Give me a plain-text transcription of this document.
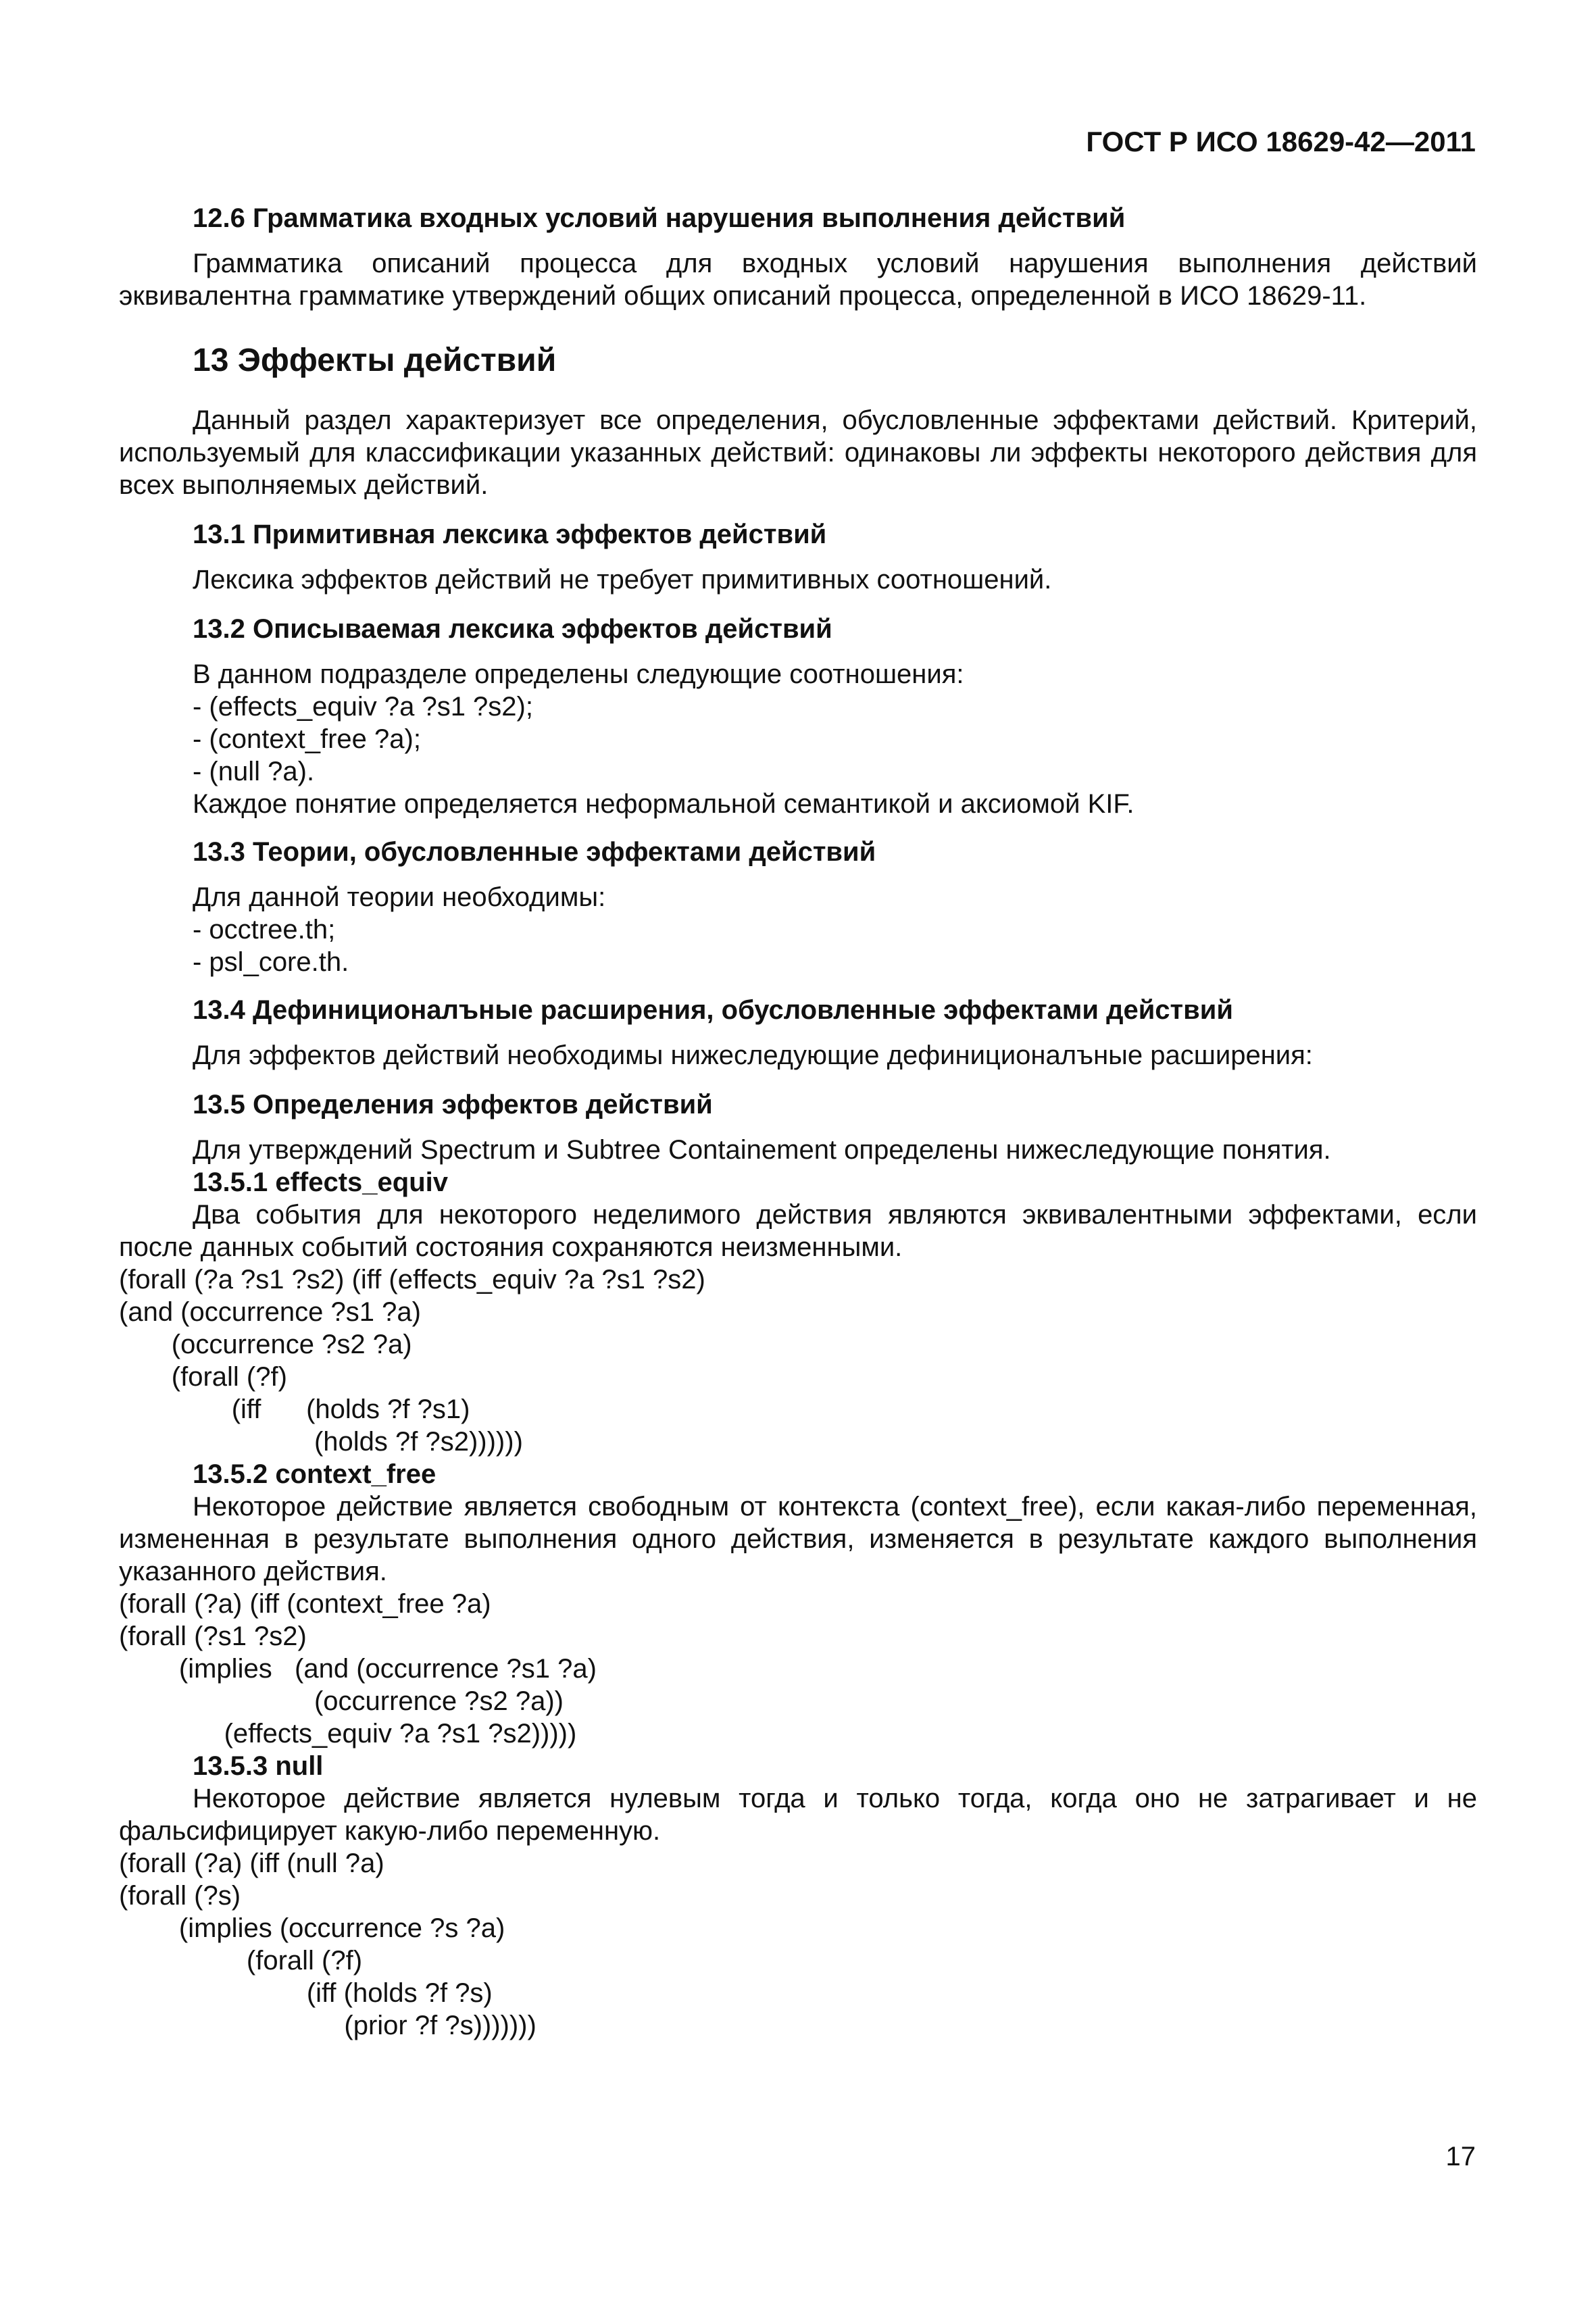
ГОСТ Р ИСО 18629-42—2011
12.6 Грамматика входных условий нарушения выполнения действий
Грамматика описаний процесса для входных условий нарушения выполнения действий эквивалентна грамматике утверждений общих описаний процесса, определенной в ИСО 18629-11.
13 Эффекты действий
Данный раздел характеризует все определения, обусловленные эффектами действий. Критерий, используемый для классификации указанных действий: одинаковы ли эффекты некоторого действия для всех выполняемых действий.
13.1 Примитивная лексика эффектов действий
Лексика эффектов действий не требует примитивных соотношений.
13.2 Описываемая лексика эффектов действий
В данном подразделе определены следующие соотношения:
- (effects_equiv ?a ?s1 ?s2);
- (context_free ?a);
- (null ?a).
Каждое понятие определяется неформальной семантикой и аксиомой KIF.
13.3 Теории, обусловленные эффектами действий
Для данной теории необходимы:
- occtree.th;
- psl_core.th.
13.4 Дефиниционалъные расширения, обусловленные эффектами действий
Для эффектов действий необходимы нижеследующие дефиниционалъные расширения:
13.5 Определения эффектов действий
Для утверждений Spectrum и Subtree Containement определены нижеследующие понятия.
13.5.1 effects_equiv
Два события для некоторого неделимого действия являются эквивалентными эффектами, если после данных событий состояния сохраняются неизменными.
(forall (?a ?s1 ?s2) (iff (effects_equiv ?a ?s1 ?s2)
(and (occurrence ?s1 ?a)
(occurrence ?s2 ?a)
(forall (?f)
(iff      (holds ?f ?s1)
(holds ?f ?s2))))))
13.5.2 context_free
Некоторое действие является свободным от контекста (context_free), если какая-либо переменная, измененная в результате выполнения одного действия, изменяется в результате каждого выполнения указанного действия.
(forall (?a) (iff (context_free ?a)
(forall (?s1 ?s2)
(implies   (and (occurrence ?s1 ?a)
(occurrence ?s2 ?a))
(effects_equiv ?a ?s1 ?s2)))))
13.5.3 null
Некоторое действие является нулевым тогда и только тогда, когда оно не затрагивает и не фальсифицирует какую-либо переменную.
(forall (?a) (iff (null ?a)
(forall (?s)
(implies (occurrence ?s ?a)
(forall (?f)
(iff (holds ?f ?s)
(prior ?f ?s)))))))
17
